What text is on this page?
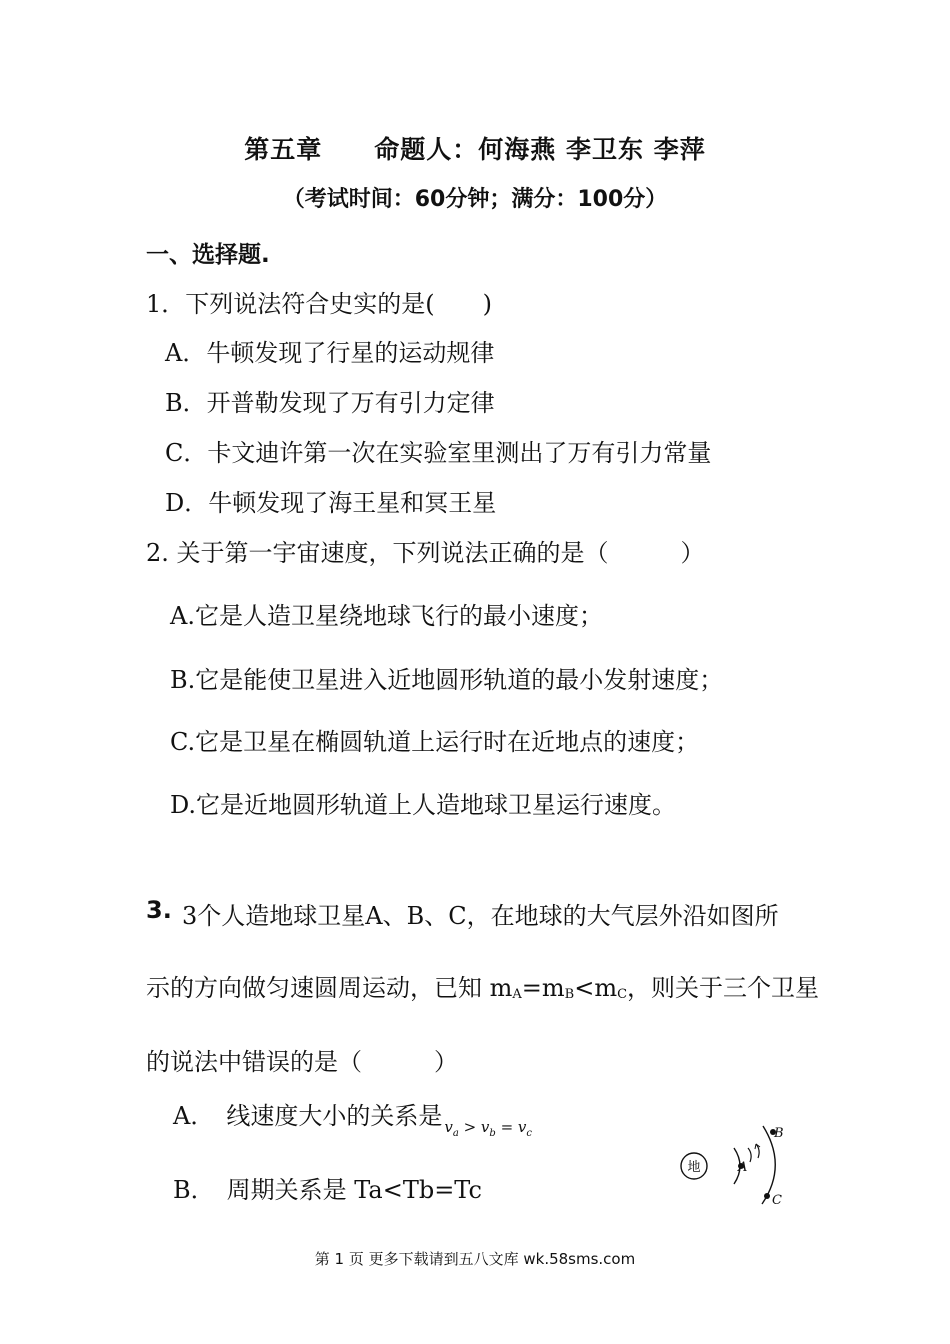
第五章　　命题人：何海燕 李卫东 李萍
（考试时间：60分钟；满分：100分）
一、选择题.
1．下列说法符合史实的是(　　)
A．牛顿发现了行星的运动规律
B．开普勒发现了万有引力定律
C．卡文迪许第一次在实验室里测出了万有引力常量
D．牛顿发现了海王星和冥王星
2. 关于第一宇宙速度，下列说法正确的是（　　　）
A.它是人造卫星绕地球飞行的最小速度；
B.它是能使卫星进入近地圆形轨道的最小发射速度；
C.它是卫星在椭圆轨道上运行时在近地点的速度；
D.它是近地圆形轨道上人造地球卫星运行速度。
3. 3个人造地球卫星A、B、C，在地球的大气层外沿如图所
示的方向做匀速圆周运动，已知 mA=mB<mC，则关于三个卫星
的说法中错误的是（　　　）
A．　线速度大小的关系是 $_{v_a > v_b = v_c}$
B．　周期关系是 Ta<Tb=Tc
地	A
B
C
第 1 页 更多下载请到五八文库 wk.58sms.com
